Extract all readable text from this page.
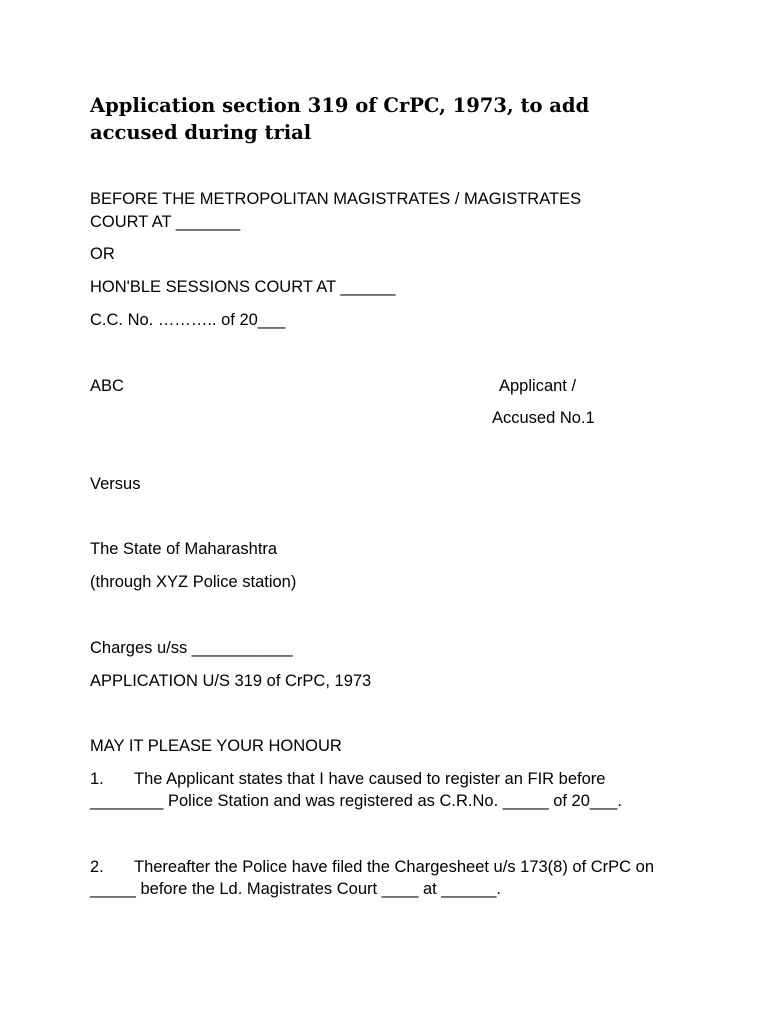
Application section 319 of CrPC, 1973, to add accused during trial
BEFORE THE METROPOLITAN MAGISTRATES / MAGISTRATES
COURT AT _______
OR
HON'BLE SESSIONS COURT AT ______
C.C. No. ……….. of 20___
ABC	Applicant /
Accused No.1
Versus
The State of Maharashtra
(through XYZ Police station)
Charges u/ss ___________
APPLICATION U/S 319 of CrPC, 1973
MAY IT PLEASE YOUR HONOUR
1. The Applicant states that I have caused to register an FIR before ________ Police Station and was registered as C.R.No. _____ of 20___.
2. Thereafter the Police have filed the Chargesheet u/s 173(8) of CrPC on _____ before the Ld. Magistrates Court ____ at ______.
